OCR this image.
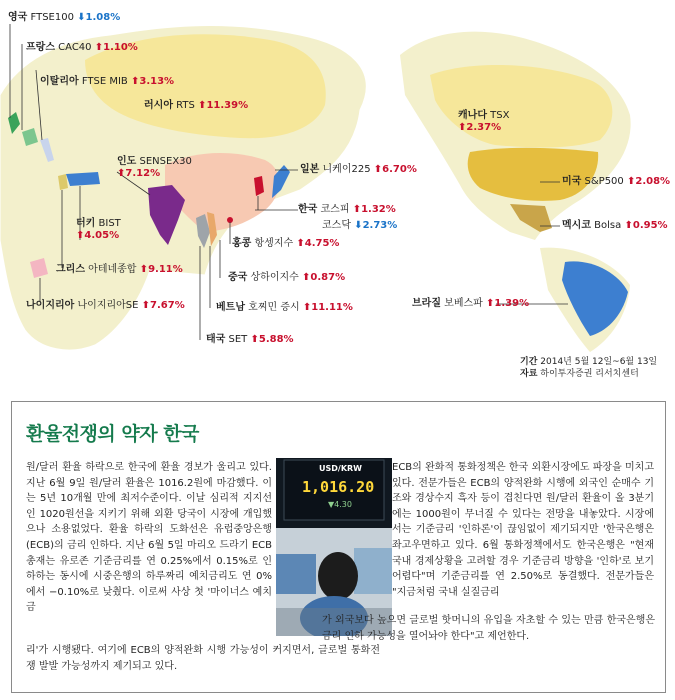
영국 FTSE100 ⬇1.08%
프랑스 CAC40 ⬆1.10%
이탈리아 FTSE MIB ⬆3.13%
러시아 RTS ⬆11.39%
인도 SENSEX30
⬆7.12%	일본 니케이225 ⬆6.70%
한국 코스피 ⬆1.32%
코스닥 ⬇2.73%
홍콩 항셍지수 ⬆4.75%
터키 BIST
⬆4.05%
그리스 아테네종합 ⬆9.11%
중국 상하이지수 ⬆0.87%
나이지리아 나이지리아SE ⬆7.67%	베트남 호찌민 증시 ⬆11.11%
태국 SET ⬆5.88%
캐나다 TSX
⬆2.37%
미국 S&P500 ⬆2.08%
멕시코 Bolsa ⬆0.95%
브라질 보베스파 ⬆1.39%
기간 2014년 5월 12일~6월 13일
자료 하이투자증권 리서치센터
환율전쟁의 약자 한국
원/달러 환율 하락으로 한국에 환율 경보가 울리고 있다. 지난 6월 9일 원/달러 환율은 1016.2원에 마감했다. 이는 5년 10개월 만에 최저수준이다. 이날 심리적 지지선인 1020원선을 지키기 위해 외환 당국이 시장에 개입했으나 소용없었다. 환율 하락의 도화선은 유럽중앙은행(ECB)의 금리 인하다. 지난 6월 5일 마리오 드라기 ECB 총재는 유로존 기준금리를 연 0.25%에서 0.15%로 인하하는 동시에 시중은행의 하루짜리 예치금리도 연 0%에서 −0.10%로 낮췄다. 이로써 사상 첫 '마이너스 예치금
USD/KRW
1,016.20
▼4.30
리'가 시행됐다. 여기에 ECB의 양적완화 시행 가능성이 커지면서, 글로벌 통화전쟁 발발 가능성까지 제기되고 있다.
ECB의 완화적 통화정책은 한국 외환시장에도 파장을 미치고 있다. 전문가들은 ECB의 양적완화 시행에 외국인 순매수 기조와 경상수지 흑자 등이 겹친다면 원/달러 환율이 올 3분기에는 1000원이 무너질 수 있다는 전망을 내놓았다. 시장에서는 기준금리 '인하론'이 끊임없이 제기되지만 '한국은행은 좌고우면하고 있다. 6월 통화정책에서도 한국은행은 "현재 국내 경제상황을 고려할 경우 기준금리 방향을 '인하'로 보기 어렵다"며 기준금리를 연 2.50%로 동결했다. 전문가들은 "지금처럼 국내 실질금리
가 외국보다 높으면 글로벌 핫머니의 유입을 자초할 수 있는 만큼 한국은행은 금리 인하 가능성을 열어놔야 한다"고 제언한다.
